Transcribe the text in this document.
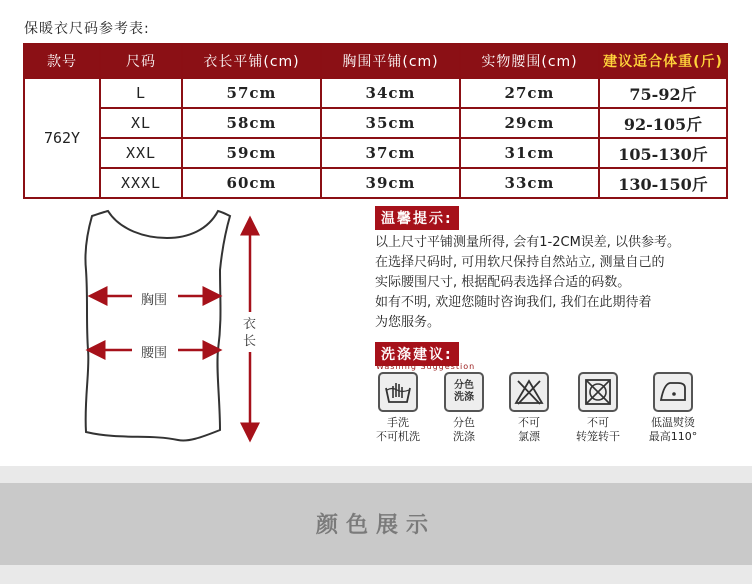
保暖衣尺码参考表:
款号	尺码	衣长平铺(cm)	胸围平铺(cm)	实物腰围(cm)	建议适合体重(斤)
762Y	L	57cm	34cm	27cm	75-92斤
	XL	58cm	35cm	29cm	92-105斤
	XXL	59cm	37cm	31cm	105-130斤
	XXXL	60cm	39cm	33cm	130-150斤
胸围
腰围
衣
长
温馨提示:
以上尺寸平铺测量所得, 会有1-2CM误差, 以供参考。
在选择尺码时, 可用软尺保持自然站立, 测量自己的
实际腰围尺寸, 根据配码表选择合适的码数。
如有不明, 欢迎您随时咨询我们, 我们在此期待着
为您服务。
洗涤建议:
Washing Suggestion
手洗
不可机洗
分色
洗涤
分色
洗涤
不可
氯漂
不可
转笼转干
低温熨烫
最高110°
颜色展示
